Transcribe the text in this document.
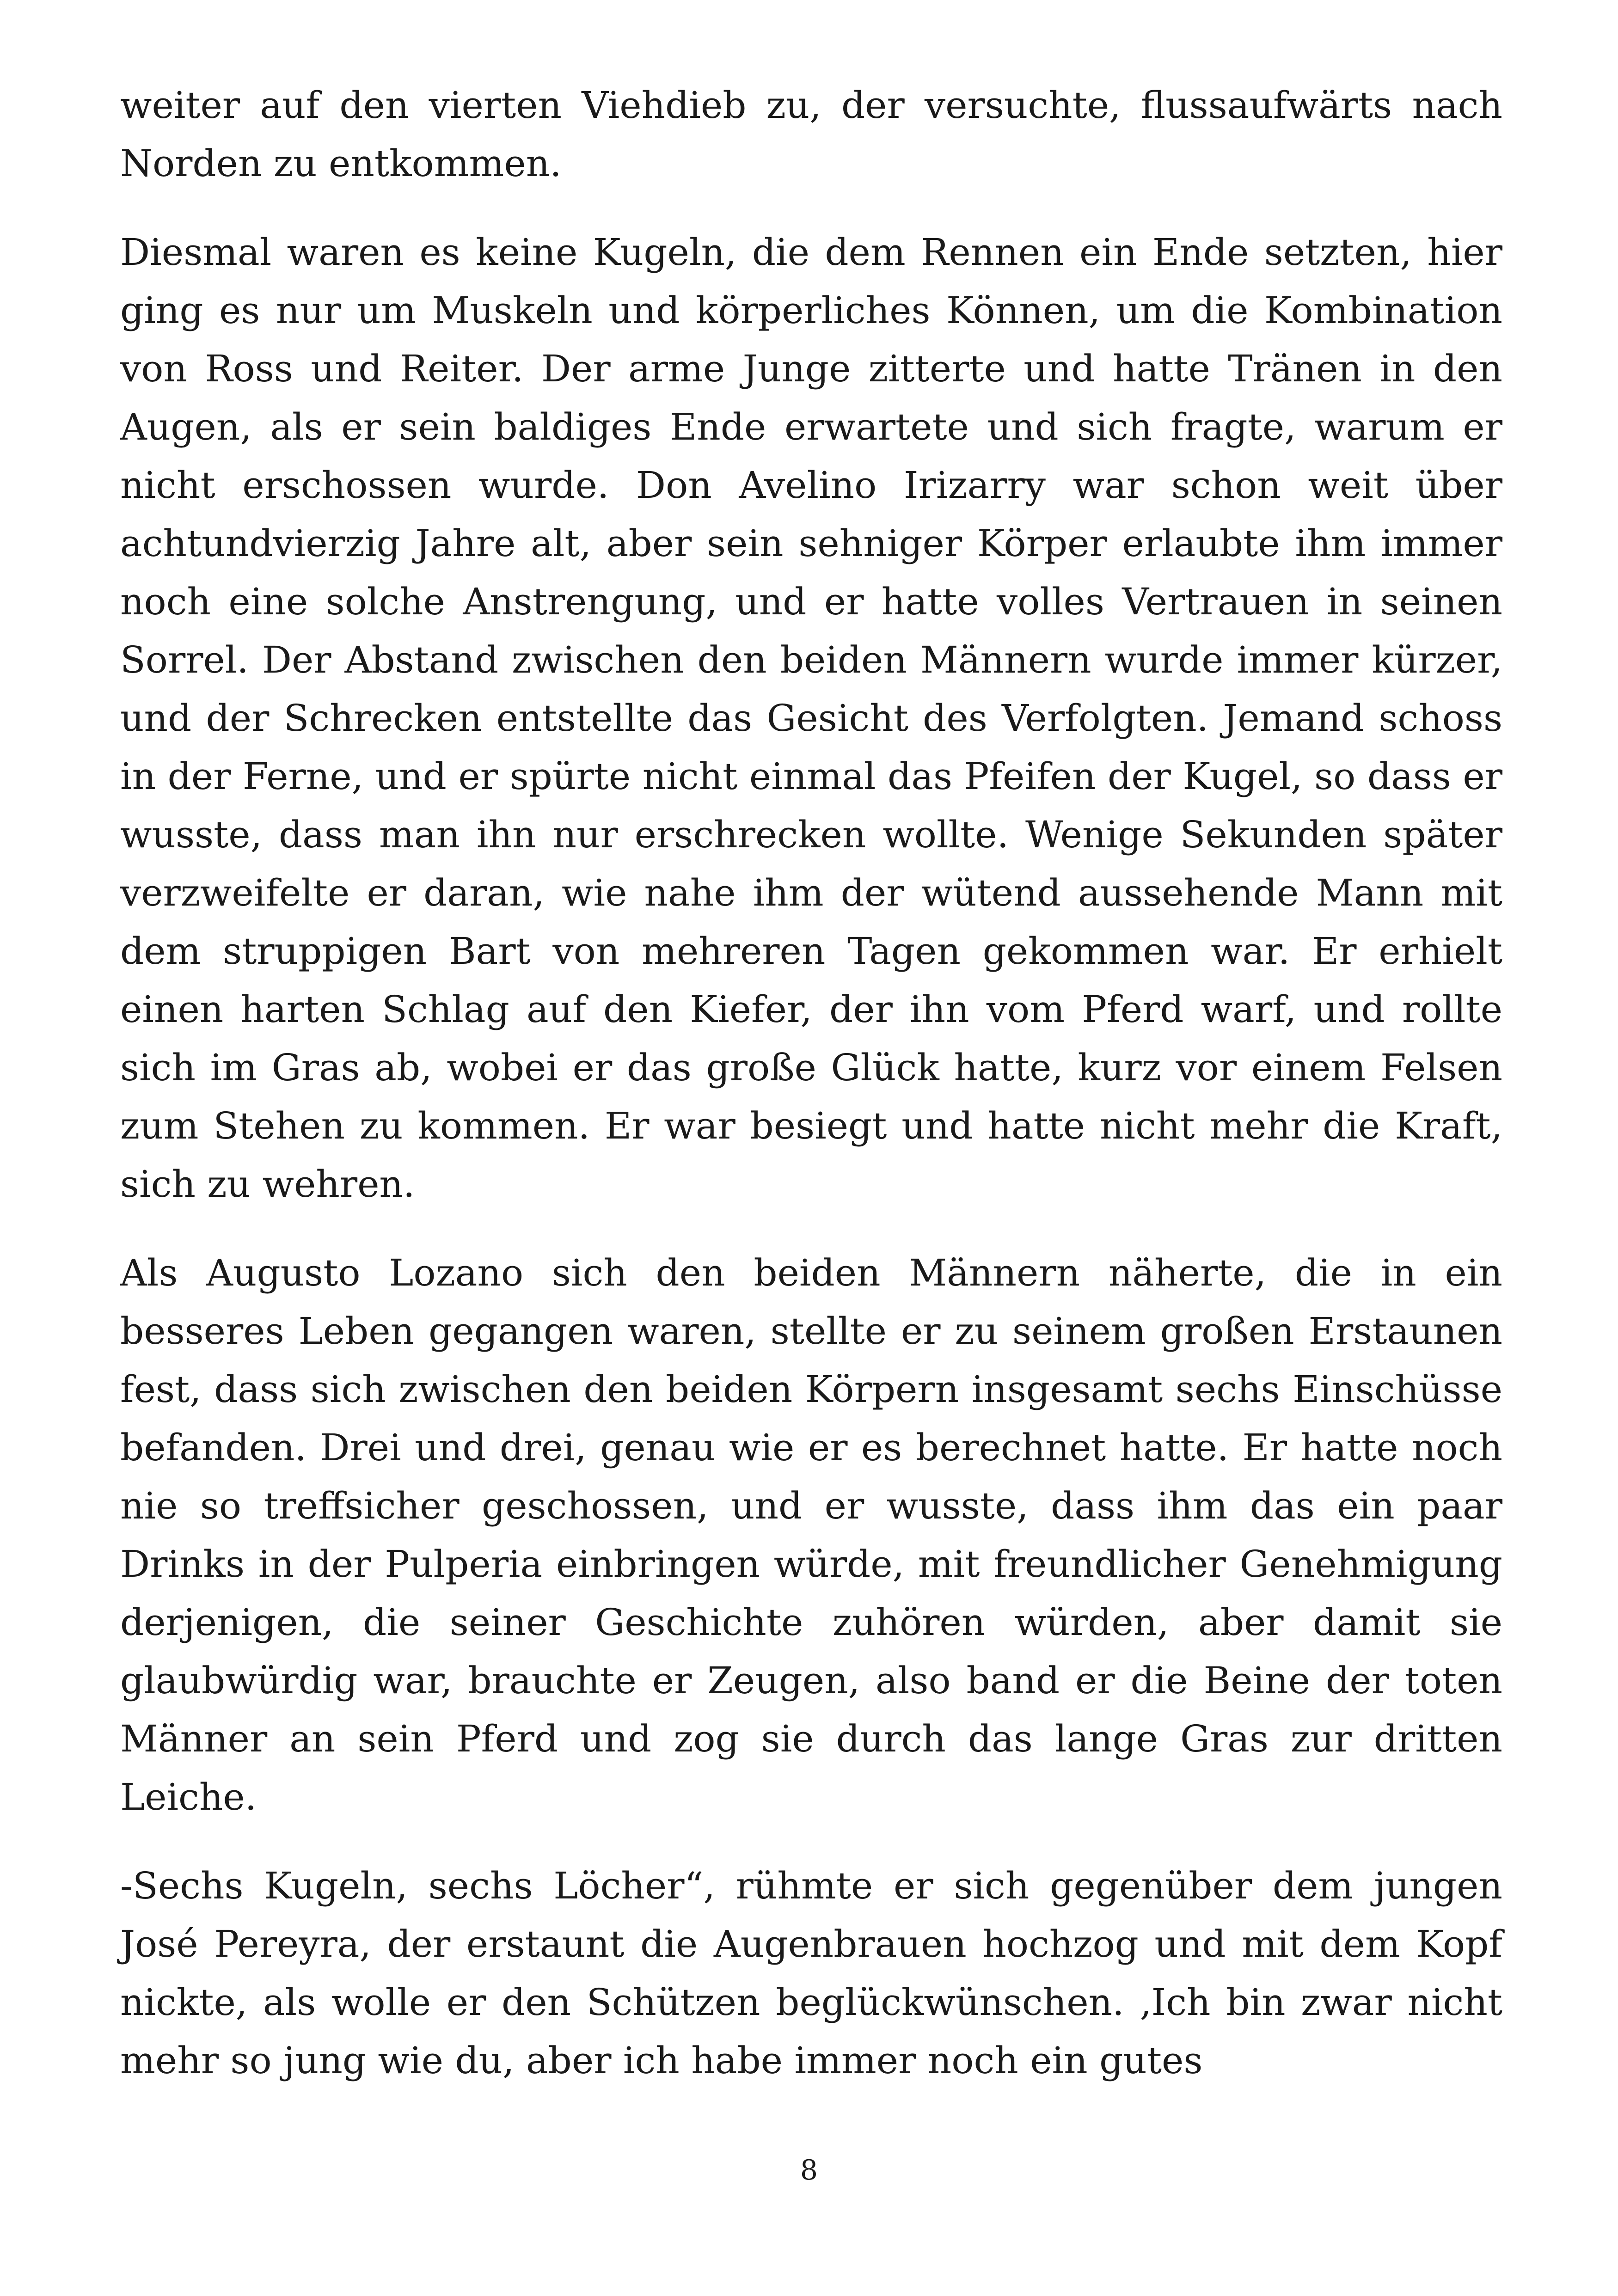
weiter auf den vierten Viehdieb zu, der versuchte, flussaufwärts nach Norden zu entkommen.

Diesmal waren es keine Kugeln, die dem Rennen ein Ende setzten, hier ging es nur um Muskeln und körperliches Können, um die Kombination von Ross und Reiter. Der arme Junge zitterte und hatte Tränen in den Augen, als er sein baldiges Ende erwartete und sich fragte, warum er nicht erschossen wurde. Don Avelino Irizarry war schon weit über achtundvierzig Jahre alt, aber sein sehniger Körper erlaubte ihm immer noch eine solche Anstrengung, und er hatte volles Vertrauen in seinen Sorrel. Der Abstand zwischen den beiden Männern wurde immer kürzer, und der Schrecken entstellte das Gesicht des Verfolgten. Jemand schoss in der Ferne, und er spürte nicht einmal das Pfeifen der Kugel, so dass er wusste, dass man ihn nur erschrecken wollte. Wenige Sekunden später verzweifelte er daran, wie nahe ihm der wütend aussehende Mann mit dem struppigen Bart von mehreren Tagen gekommen war. Er erhielt einen harten Schlag auf den Kiefer, der ihn vom Pferd warf, und rollte sich im Gras ab, wobei er das große Glück hatte, kurz vor einem Felsen zum Stehen zu kommen. Er war besiegt und hatte nicht mehr die Kraft, sich zu wehren.

Als Augusto Lozano sich den beiden Männern näherte, die in ein besseres Leben gegangen waren, stellte er zu seinem großen Erstaunen fest, dass sich zwischen den beiden Körpern insgesamt sechs Einschüsse befanden. Drei und drei, genau wie er es berechnet hatte. Er hatte noch nie so treffsicher geschossen, und er wusste, dass ihm das ein paar Drinks in der Pulperia einbringen würde, mit freundlicher Genehmigung derjenigen, die seiner Geschichte zuhören würden, aber damit sie glaubwürdig war, brauchte er Zeugen, also band er die Beine der toten Männer an sein Pferd und zog sie durch das lange Gras zur dritten Leiche.

-Sechs Kugeln, sechs Löcher“, rühmte er sich gegenüber dem jungen José Pereyra, der erstaunt die Augenbrauen hochzog und mit dem Kopf nickte, als wolle er den Schützen beglückwünschen. ‚Ich bin zwar nicht mehr so jung wie du, aber ich habe immer noch ein gutes

8
